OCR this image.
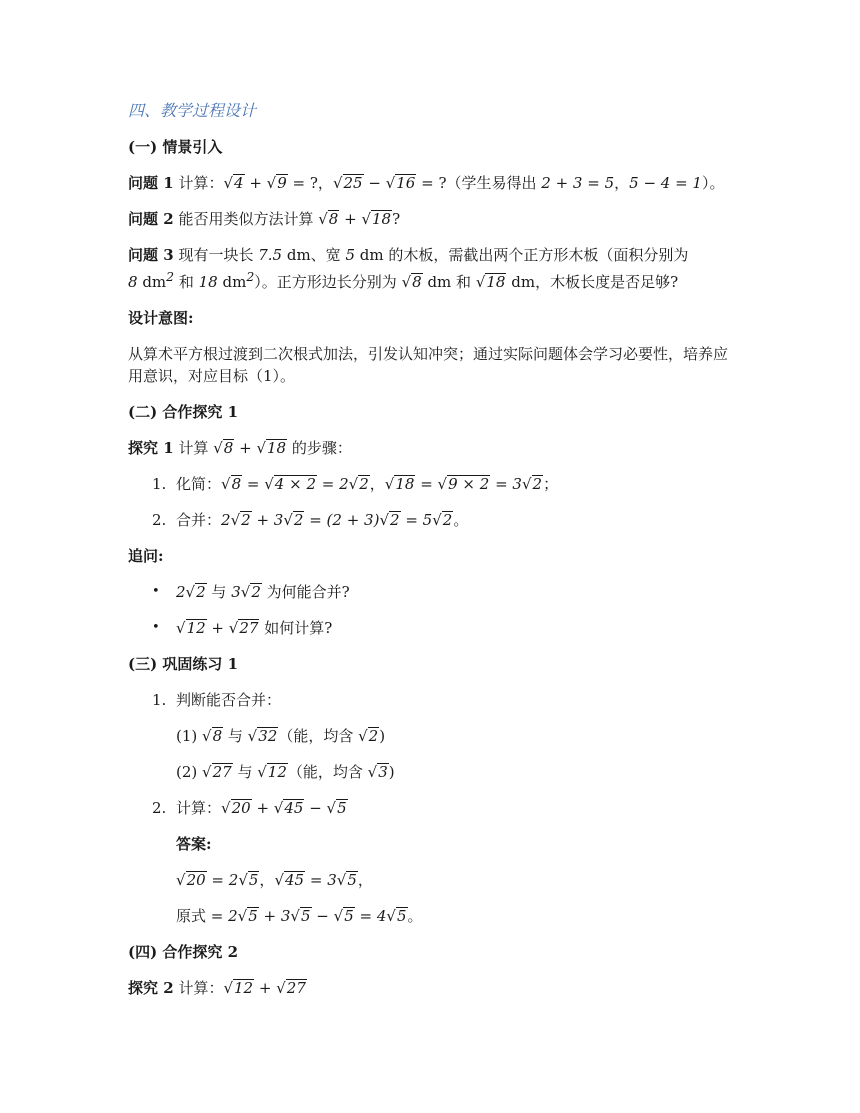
四、教学过程设计
(一) 情景引入
问题 1 计算：√4 + √9 = ?，√25 − √16 = ?（学生易得出 2 + 3 = 5，5 − 4 = 1）。
问题 2 能否用类似方法计算 √8 + √18?
问题 3 现有一块长 7.5 dm、宽 5 dm 的木板，需截出两个正方形木板（面积分别为
8 $dm^2$ 和 18 $dm^2$）。正方形边长分别为 √8 dm 和 √18 dm，木板长度是否足够?
设计意图:
从算术平方根过渡到二次根式加法，引发认知冲突；通过实际问题体会学习必要性，培养应用意识，对应目标（1）。
(二) 合作探究 1
探究 1 计算 √8 + √18 的步骤：
1. 化简：√8 = √4 × 2 = 2√2，√18 = √9 × 2 = 3√2；
2. 合并：2√2 + 3√2 = (2 + 3)√2 = 5√2。
追问:
•	2√2 与 3√2 为何能合并?
•	√12 + √27 如何计算?
(三) 巩固练习 1
1. 判断能否合并：
(1) √8 与 √32（能，均含 √2)
(2) √27 与 √12（能，均含 √3)
2. 计算：√20 + √45 − √5
答案:
√20 = 2√5，√45 = 3√5，
原式 = 2√5 + 3√5 − √5 = 4√5。
(四) 合作探究 2
探究 2 计算：√12 + √27
